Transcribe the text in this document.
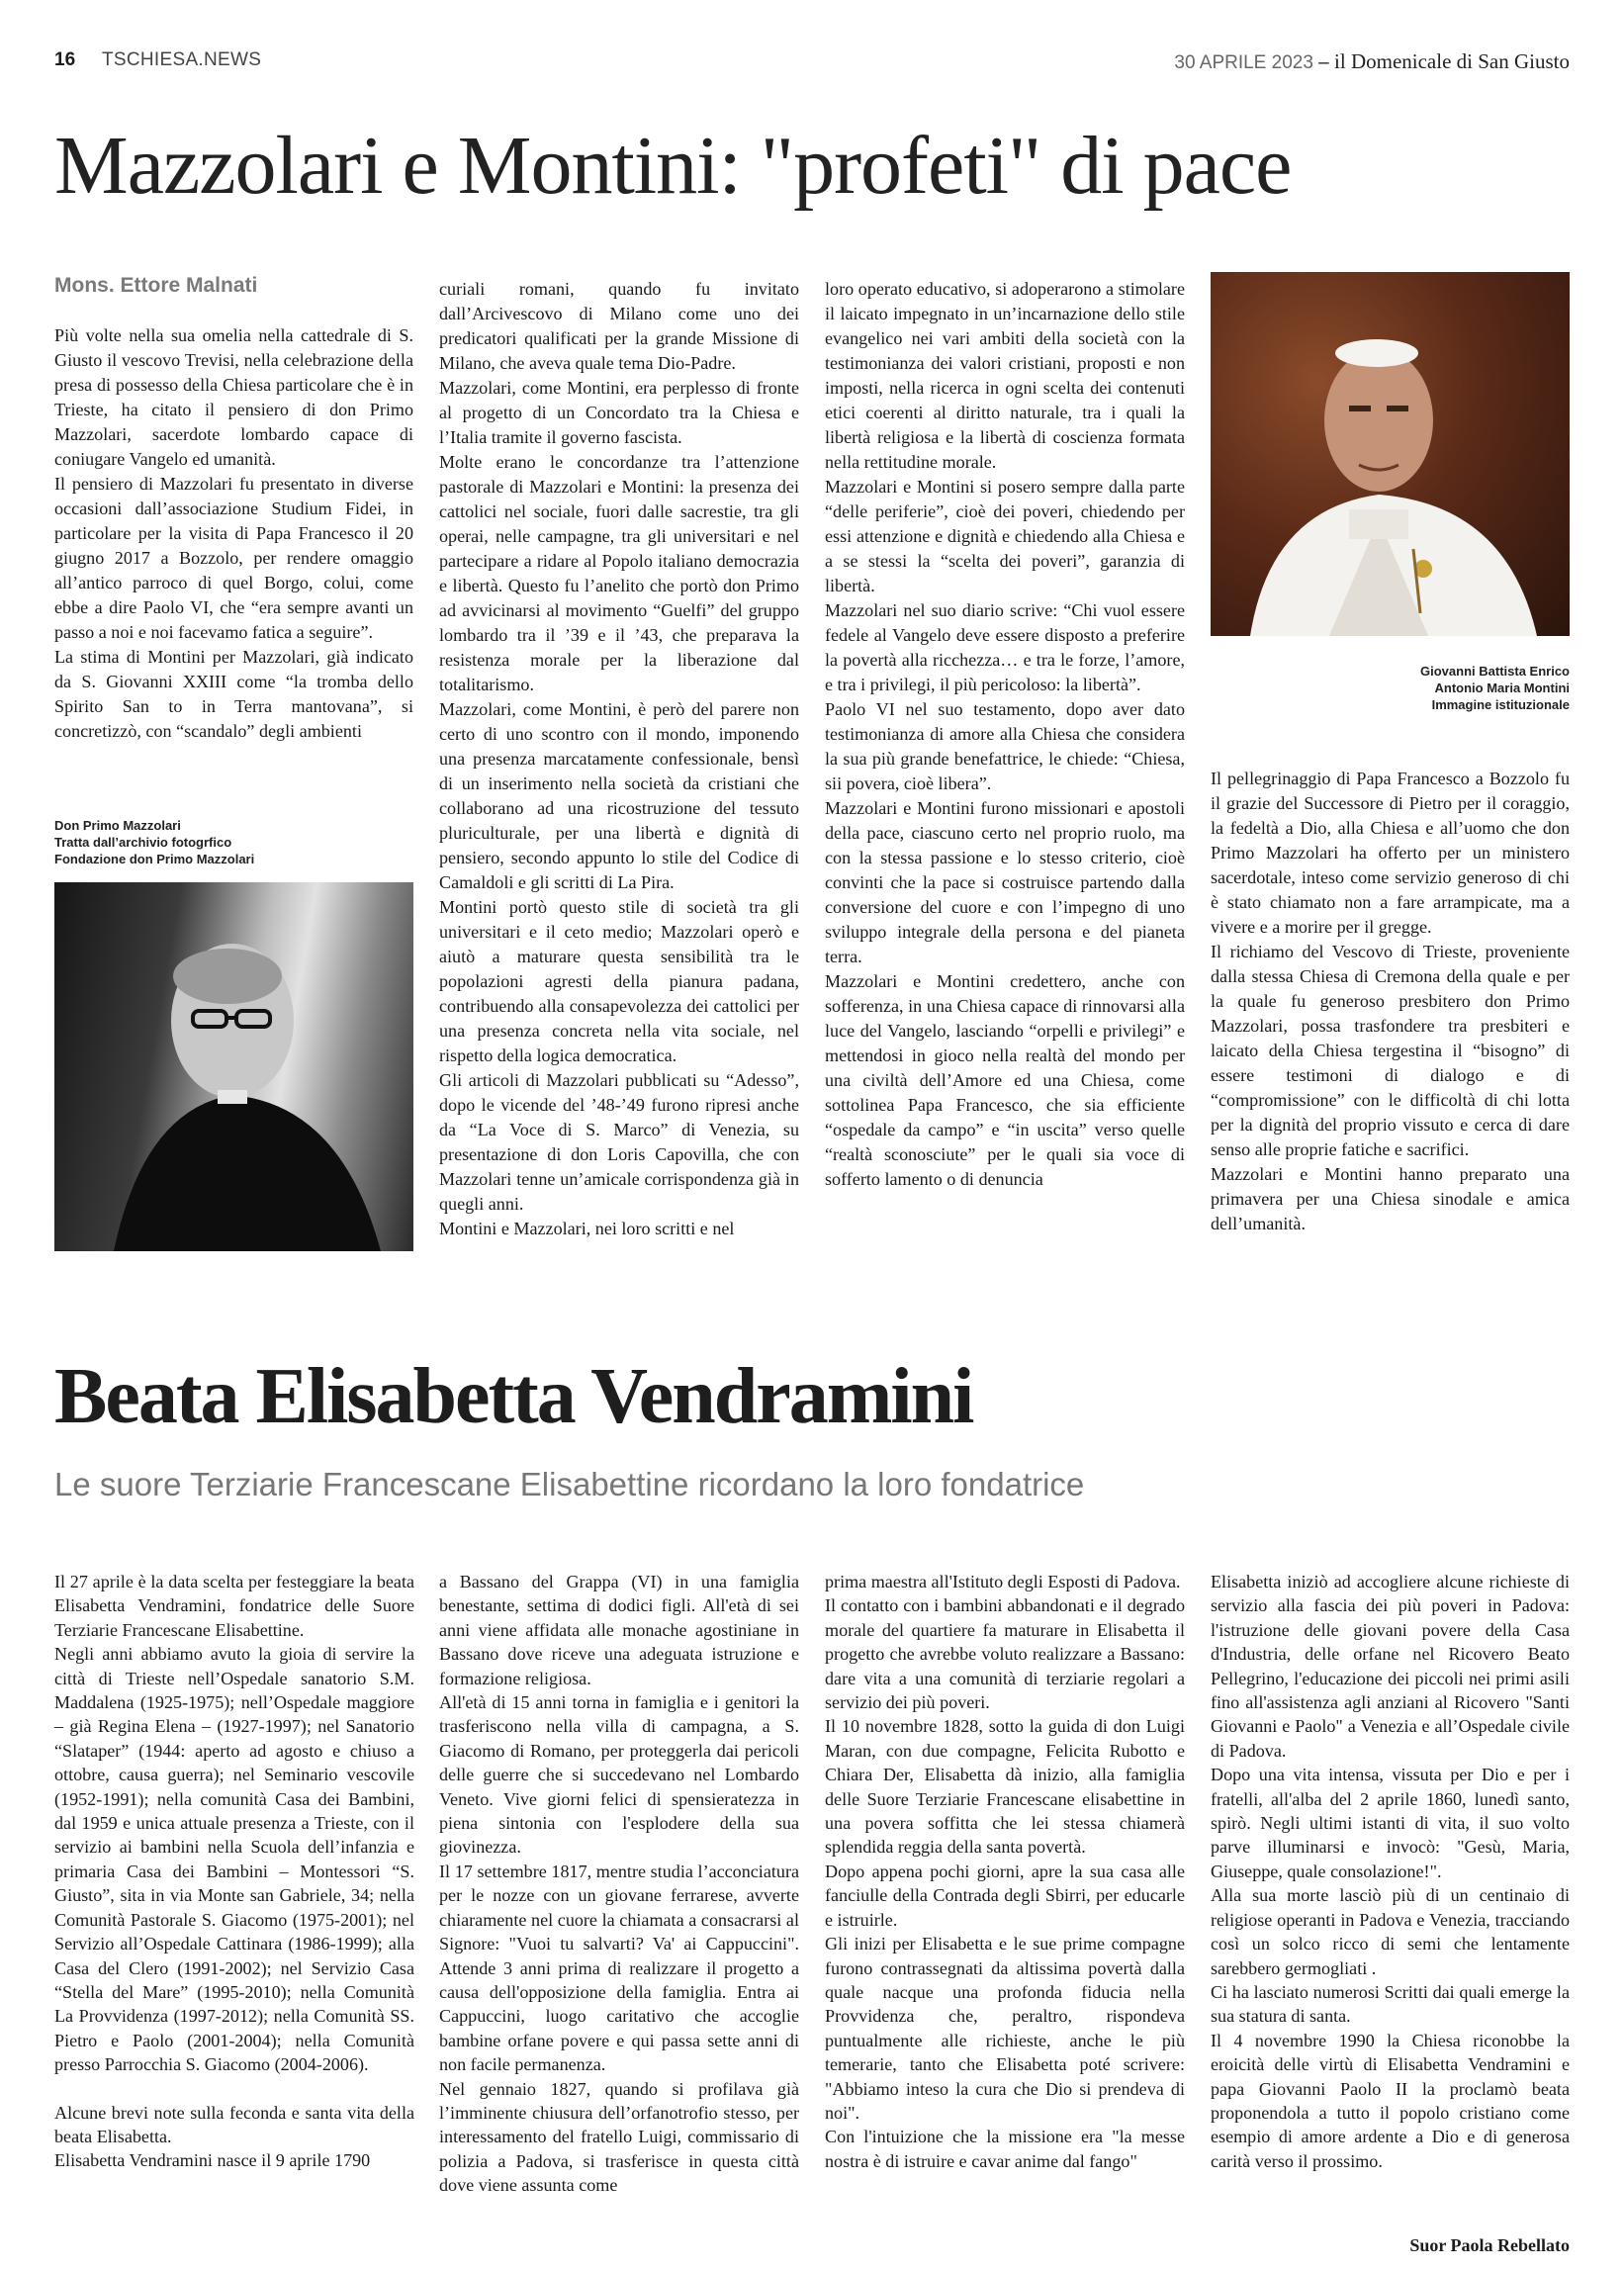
16 TSCHIESA.NEWS	30 APRILE 2023 – il Domenicale di San Giusto
Mazzolari e Montini: "profeti" di pace
Mons. Ettore Malnati

Più volte nella sua omelia nella cattedrale di S. Giusto il vescovo Trevisi, nella celebrazione della presa di possesso della Chiesa particolare che è in Trieste, ha citato il pensiero di don Primo Mazzolari, sacerdote lombardo capace di coniugare Vangelo ed umanità.

Il pensiero di Mazzolari fu presentato in diverse occasioni dall’associazione Studium Fidei, in particolare per la visita di Papa Francesco il 20 giugno 2017 a Bozzolo, per rendere omaggio all’antico parroco di quel Borgo, colui, come ebbe a dire Paolo VI, che “era sempre avanti un passo a noi e noi facevamo fatica a seguire”.

La stima di Montini per Mazzolari, già indicato da S. Giovanni XXIII come “la tromba dello Spirito San to in Terra mantovana”, si concretizzò, con “scandalo” degli ambienti

Don Primo Mazzolari
Tratta dall’archivio fotogrfico
Fondazione don Primo Mazzolari

curiali romani, quando fu invitato dall’Arcivescovo di Milano come uno dei predicatori qualificati per la grande Missione di Milano, che aveva quale tema Dio-Padre.

Mazzolari, come Montini, era perplesso di fronte al progetto di un Concordato tra la Chiesa e l’Italia tramite il governo fascista.

Molte erano le concordanze tra l’attenzione pastorale di Mazzolari e Montini: la presenza dei cattolici nel sociale, fuori dalle sacrestie, tra gli operai, nelle campagne, tra gli universitari e nel partecipare a ridare al Popolo italiano democrazia e libertà. Questo fu l’anelito che portò don Primo ad avvicinarsi al movimento “Guelfi” del gruppo lombardo tra il ’39 e il ’43, che preparava la resistenza morale per la liberazione dal totalitarismo.

Mazzolari, come Montini, è però del parere non certo di uno scontro con il mondo, imponendo una presenza marcatamente confessionale, bensì di un inserimento nella società da cristiani che collaborano ad una ricostruzione del tessuto pluriculturale, per una libertà e dignità di pensiero, secondo appunto lo stile del Codice di Camaldoli e gli scritti di La Pira.

Montini portò questo stile di società tra gli universitari e il ceto medio; Mazzolari operò e aiutò a maturare questa sensibilità tra le popolazioni agresti della pianura padana, contribuendo alla consapevolezza dei cattolici per una presenza concreta nella vita sociale, nel rispetto della logica democratica.

Gli articoli di Mazzolari pubblicati su “Adesso”, dopo le vicende del ’48-’49 furono ripresi anche da “La Voce di S. Marco” di Venezia, su presentazione di don Loris Capovilla, che con Mazzolari tenne un’amicale corrispondenza già in quegli anni.

Montini e Mazzolari, nei loro scritti e nel

loro operato educativo, si adoperarono a stimolare il laicato impegnato in un’incarnazione dello stile evangelico nei vari ambiti della società con la testimonianza dei valori cristiani, proposti e non imposti, nella ricerca in ogni scelta dei contenuti etici coerenti al diritto naturale, tra i quali la libertà religiosa e la libertà di coscienza formata nella rettitudine morale.

Mazzolari e Montini si posero sempre dalla parte “delle periferie”, cioè dei poveri, chiedendo per essi attenzione e dignità e chiedendo alla Chiesa e a se stessi la “scelta dei poveri”, garanzia di libertà.

Mazzolari nel suo diario scrive: “Chi vuol essere fedele al Vangelo deve essere disposto a preferire la povertà alla ricchezza… e tra le forze, l’amore, e tra i privilegi, il più pericoloso: la libertà”.

Paolo VI nel suo testamento, dopo aver dato testimonianza di amore alla Chiesa che considera la sua più grande benefattrice, le chiede: “Chiesa, sii povera, cioè libera”.

Mazzolari e Montini furono missionari e apostoli della pace, ciascuno certo nel proprio ruolo, ma con la stessa passione e lo stesso criterio, cioè convinti che la pace si costruisce partendo dalla conversione del cuore e con l’impegno di uno sviluppo integrale della persona e del pianeta terra.

Mazzolari e Montini credettero, anche con sofferenza, in una Chiesa capace di rinnovarsi alla luce del Vangelo, lasciando “orpelli e privilegi” e mettendosi in gioco nella realtà del mondo per una civiltà dell’Amore ed una Chiesa, come sottolinea Papa Francesco, che sia efficiente “ospedale da campo” e “in uscita” verso quelle “realtà sconosciute” per le quali sia voce di sofferto lamento o di denuncia

Giovanni Battista Enrico
Antonio Maria Montini
Immagine istituzionale

Il pellegrinaggio di Papa Francesco a Bozzolo fu il grazie del Successore di Pietro per il coraggio, la fedeltà a Dio, alla Chiesa e all’uomo che don Primo Mazzolari ha offerto per un ministero sacerdotale, inteso come servizio generoso di chi è stato chiamato non a fare arrampicate, ma a vivere e a morire per il gregge.

Il richiamo del Vescovo di Trieste, proveniente dalla stessa Chiesa di Cremona della quale e per la quale fu generoso presbitero don Primo Mazzolari, possa trasfondere tra presbiteri e laicato della Chiesa tergestina il “bisogno” di essere testimoni di dialogo e di “compromissione” con le difficoltà di chi lotta per la dignità del proprio vissuto e cerca di dare senso alle proprie fatiche e sacrifici.

Mazzolari e Montini hanno preparato una primavera per una Chiesa sinodale e amica dell’umanità.

Beata Elisabetta Vendramini
Le suore Terziarie Francescane Elisabettine ricordano la loro fondatrice

Il 27 aprile è la data scelta per festeggiare la beata Elisabetta Vendramini, fondatrice delle Suore Terziarie Francescane Elisabettine.

Negli anni abbiamo avuto la gioia di servire la città di Trieste nell’Ospedale sanatorio S.M. Maddalena (1925-1975); nell’Ospedale maggiore – già Regina Elena – (1927-1997); nel Sanatorio “Slataper” (1944: aperto ad agosto e chiuso a ottobre, causa guerra); nel Seminario vescovile (1952-1991); nella comunità Casa dei Bambini, dal 1959 e unica attuale presenza a Trieste, con il servizio ai bambini nella Scuola dell’infanzia e primaria Casa dei Bambini – Montessori “S. Giusto”, sita in via Monte san Gabriele, 34; nella Comunità Pastorale S. Giacomo (1975-2001); nel Servizio all’Ospedale Cattinara (1986-1999); alla Casa del Clero (1991-2002); nel Servizio Casa “Stella del Mare” (1995-2010); nella Comunità La Provvidenza (1997-2012); nella Comunità SS. Pietro e Paolo (2001-2004); nella Comunità presso Parrocchia S. Giacomo (2004-2006).

Alcune brevi note sulla feconda e santa vita della beata Elisabetta.

Elisabetta Vendramini nasce il 9 aprile 1790

a Bassano del Grappa (VI) in una famiglia benestante, settima di dodici figli. All'età di sei anni viene affidata alle monache agostiniane in Bassano dove riceve una adeguata istruzione e formazione religiosa.

All'età di 15 anni torna in famiglia e i genitori la trasferiscono nella villa di campagna, a S. Giacomo di Romano, per proteggerla dai pericoli delle guerre che si succedevano nel Lombardo Veneto. Vive giorni felici di spensieratezza in piena sintonia con l'esplodere della sua giovinezza.

Il 17 settembre 1817, mentre studia l’acconciatura per le nozze con un giovane ferrarese, avverte chiaramente nel cuore la chiamata a consacrarsi al Signore: "Vuoi tu salvarti? Va' ai Cappuccini". Attende 3 anni prima di realizzare il progetto a causa dell'opposizione della famiglia. Entra ai Cappuccini, luogo caritativo che accoglie bambine orfane povere e qui passa sette anni di non facile permanenza.

Nel gennaio 1827, quando si profilava già l’imminente chiusura dell’orfanotrofio stesso, per interessamento del fratello Luigi, commissario di polizia a Padova, si trasferisce in questa città dove viene assunta come

prima maestra all'Istituto degli Esposti di Padova.

Il contatto con i bambini abbandonati e il degrado morale del quartiere fa maturare in Elisabetta il progetto che avrebbe voluto realizzare a Bassano: dare vita a una comunità di terziarie regolari a servizio dei più poveri.

Il 10 novembre 1828, sotto la guida di don Luigi Maran, con due compagne, Felicita Rubotto e Chiara Der, Elisabetta dà inizio, alla famiglia delle Suore Terziarie Francescane elisabettine in una povera soffitta che lei stessa chiamerà splendida reggia della santa povertà.

Dopo appena pochi giorni, apre la sua casa alle fanciulle della Contrada degli Sbirri, per educarle e istruirle.

Gli inizi per Elisabetta e le sue prime compagne furono contrassegnati da altissima povertà dalla quale nacque una profonda fiducia nella Provvidenza che, peraltro, rispondeva puntualmente alle richieste, anche le più temerarie, tanto che Elisabetta poté scrivere: "Abbiamo inteso la cura che Dio si prendeva di noi".

Con l'intuizione che la missione era "la messe nostra è di istruire e cavar anime dal fango"

Elisabetta iniziò ad accogliere alcune richieste di servizio alla fascia dei più poveri in Padova: l'istruzione delle giovani povere della Casa d'Industria, delle orfane nel Ricovero Beato Pellegrino, l'educazione dei piccoli nei primi asili fino all'assistenza agli anziani al Ricovero "Santi Giovanni e Paolo" a Venezia e all’Ospedale civile di Padova.

Dopo una vita intensa, vissuta per Dio e per i fratelli, all'alba del 2 aprile 1860, lunedì santo, spirò. Negli ultimi istanti di vita, il suo volto parve illuminarsi e invocò: "Gesù, Maria, Giuseppe, quale consolazione!".

Alla sua morte lasciò più di un centinaio di religiose operanti in Padova e Venezia, tracciando così un solco ricco di semi che lentamente sarebbero germogliati .

Ci ha lasciato numerosi Scritti dai quali emerge la sua statura di santa.

Il 4 novembre 1990 la Chiesa riconobbe la eroicità delle virtù di Elisabetta Vendramini e papa Giovanni Paolo II la proclamò beata proponendola a tutto il popolo cristiano come esempio di amore ardente a Dio e di generosa carità verso il prossimo.

Suor Paola Rebellato
